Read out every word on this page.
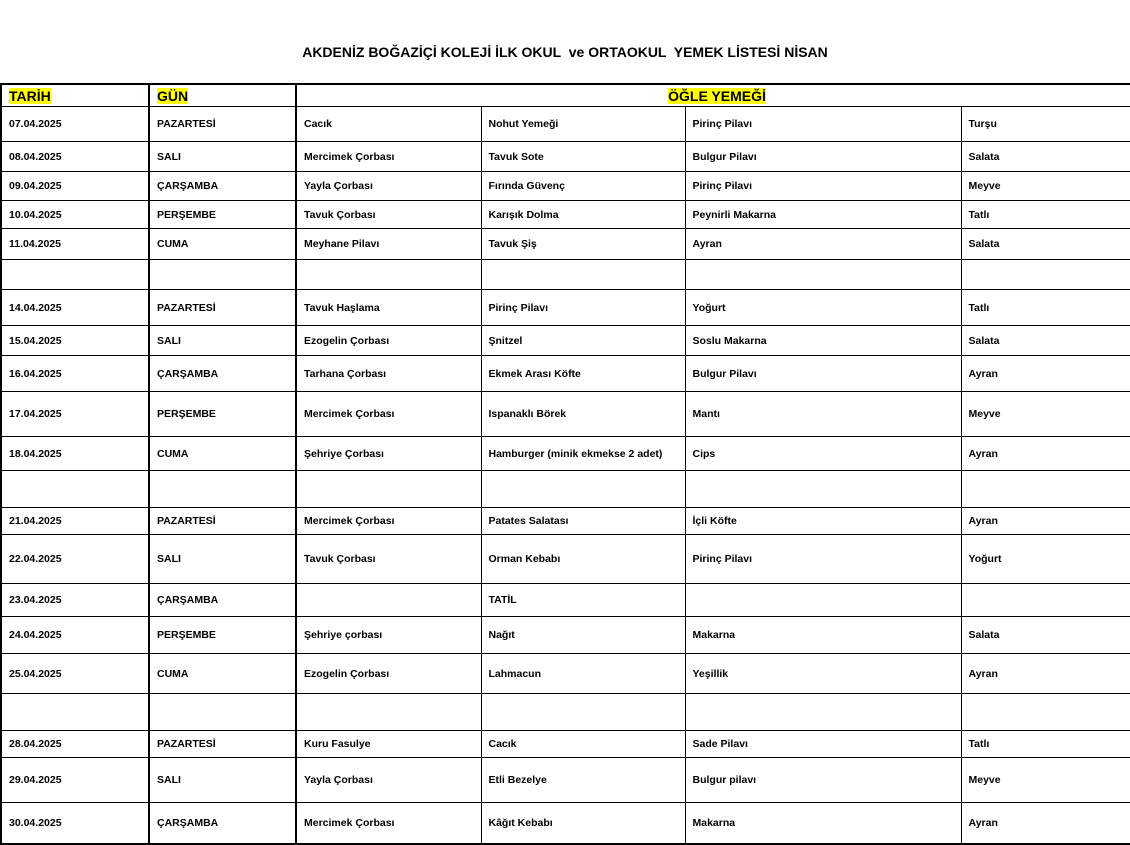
AKDENİZ BOĞAZİÇİ KOLEJİ İLK OKUL  ve ORTAOKUL  YEMEK LİSTESİ NİSAN
TARİH	GÜN	ÖĞLE YEMEĞİ			
07.04.2025	PAZARTESİ	Cacık	Nohut Yemeği	Pirinç Pilavı	Turşu
08.04.2025	SALI	Mercimek Çorbası	Tavuk Sote	Bulgur Pilavı	Salata
09.04.2025	ÇARŞAMBA	Yayla Çorbası	Fırında Güvenç	Pirinç Pilavı	Meyve
10.04.2025	PERŞEMBE	Tavuk Çorbası	Karışık Dolma	Peynirli Makarna	Tatlı
11.04.2025	CUMA	Meyhane Pilavı	Tavuk Şiş	Ayran	Salata

14.04.2025	PAZARTESİ	Tavuk Haşlama	Pirinç Pilavı	Yoğurt	Tatlı
15.04.2025	SALI	Ezogelin Çorbası	Şnitzel	Soslu Makarna	Salata
16.04.2025	ÇARŞAMBA	Tarhana Çorbası	Ekmek Arası Köfte	Bulgur Pilavı	Ayran
17.04.2025	PERŞEMBE	Mercimek Çorbası	Ispanaklı Börek	Mantı	Meyve
18.04.2025	CUMA	Şehriye Çorbası	Hamburger (minik ekmekse 2 adet)	Cips	Ayran

21.04.2025	PAZARTESİ	Mercimek Çorbası	Patates Salatası	İçli Köfte	Ayran
22.04.2025	SALI	Tavuk Çorbası	Orman Kebabı	Pirinç Pilavı	Yoğurt
23.04.2025	ÇARŞAMBA		TATİL		
24.04.2025	PERŞEMBE	Şehriye çorbası	Nağıt	Makarna	Salata
25.04.2025	CUMA	Ezogelin Çorbası	Lahmacun	Yeşillik	Ayran

28.04.2025	PAZARTESİ	Kuru Fasulye	Cacık	Sade Pilavı	Tatlı
29.04.2025	SALI	Yayla Çorbası	Etli Bezelye	Bulgur pilavı	Meyve
30.04.2025	ÇARŞAMBA	Mercimek Çorbası	Kâğıt Kebabı	Makarna	Ayran
